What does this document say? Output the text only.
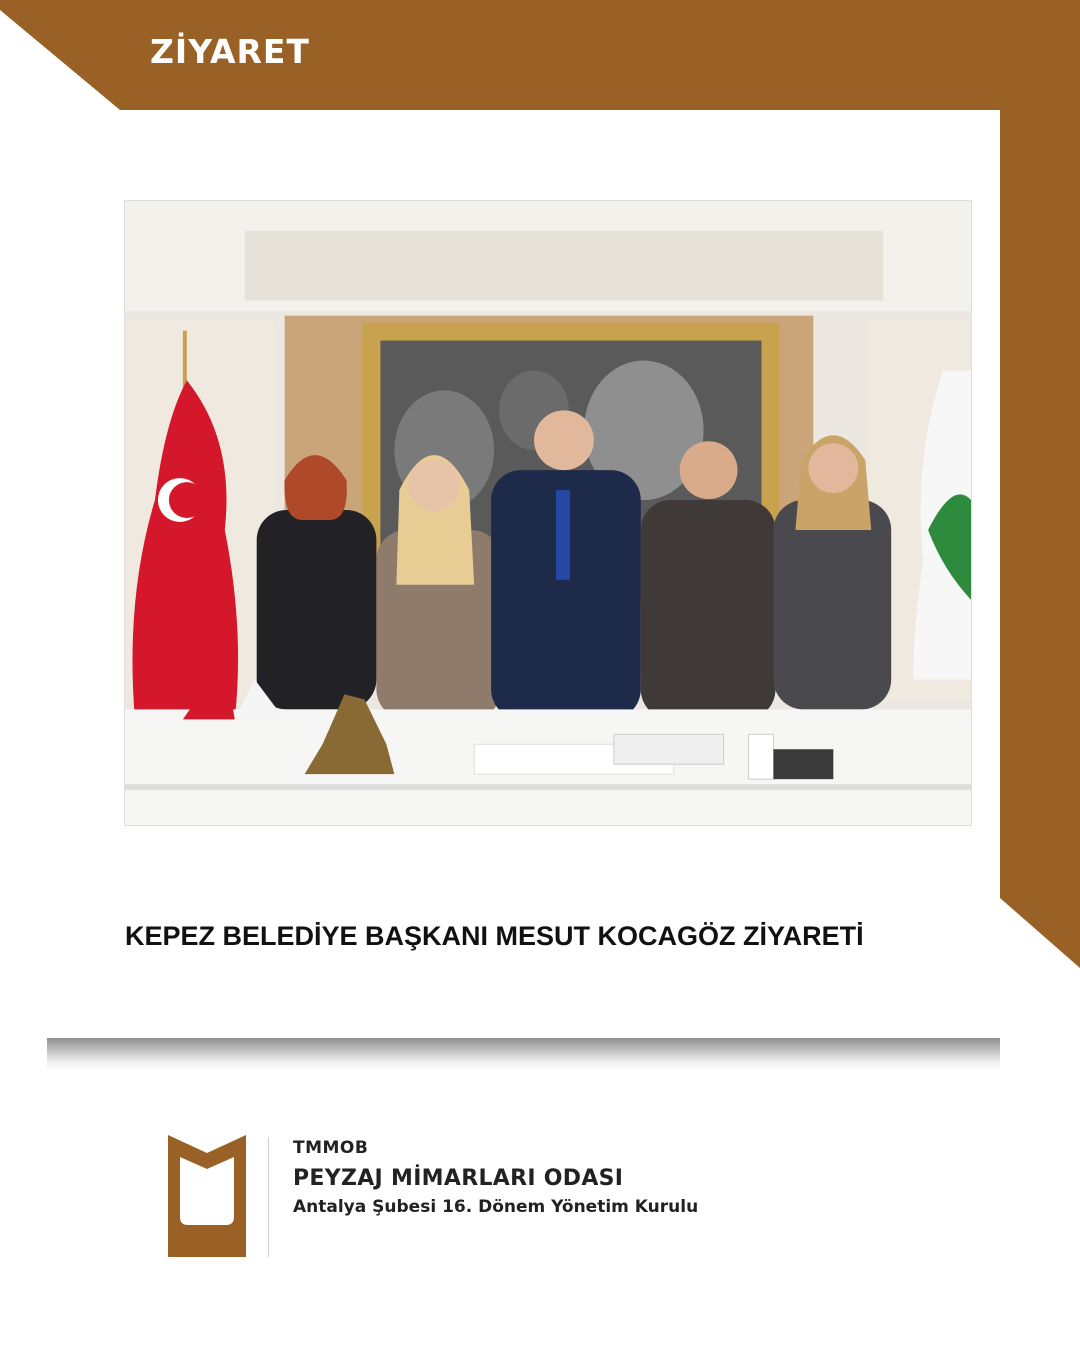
ZİYARET
KEPEZ BELEDİYE BAŞKANI MESUT KOCAGÖZ ZİYARETİ
TMMOB
PEYZAJ MİMARLARI ODASI
Antalya Şubesi 16. Dönem Yönetim Kurulu
